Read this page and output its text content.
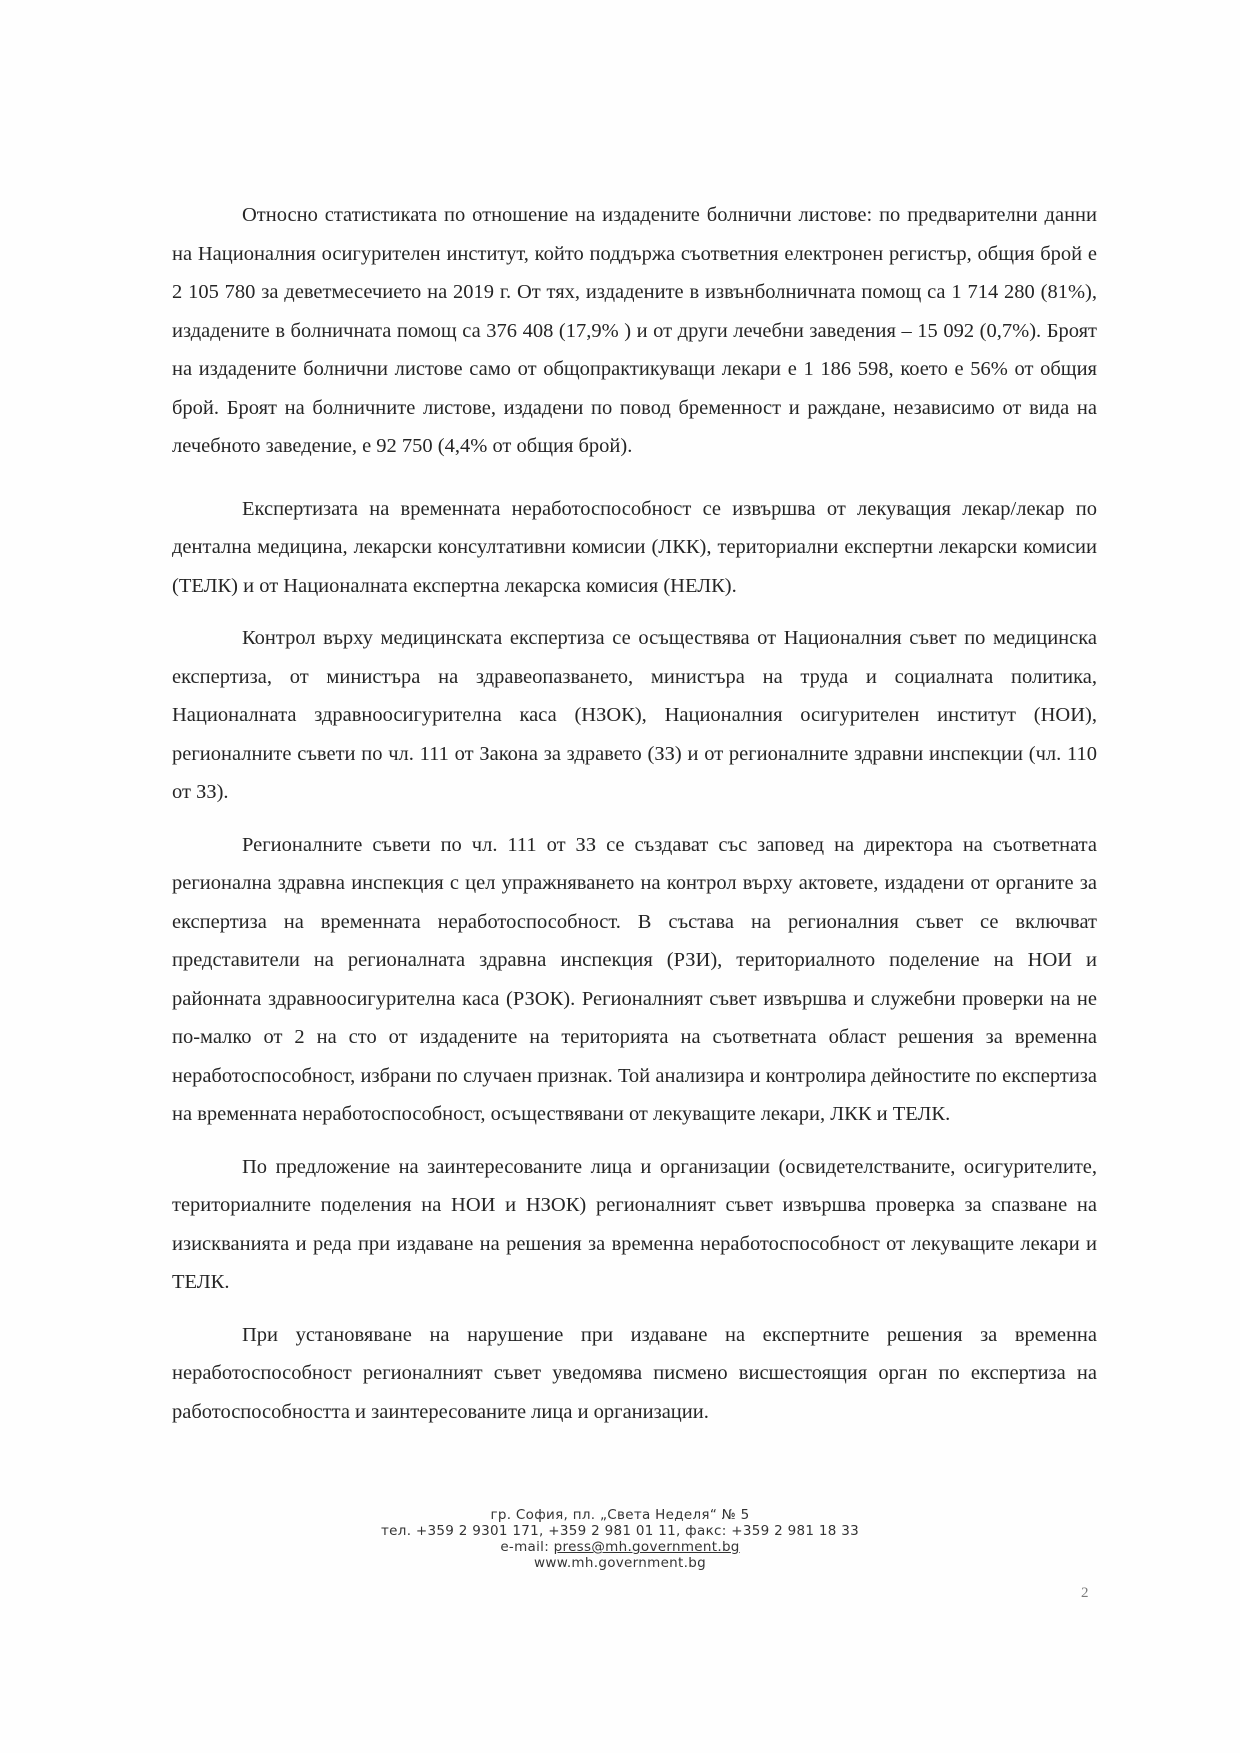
Относно статистиката по отношение на издадените болнични листове: по предварителни данни на Националния осигурителен институт, който поддържа съответния електронен регистър, общия брой е 2 105 780 за деветмесечието на 2019 г. От тях, издадените в извънболничната помощ са 1 714 280 (81%), издадените в болничната помощ са 376 408 (17,9% ) и от други лечебни заведения – 15 092 (0,7%). Броят на издадените болнични листове само от общопрактикуващи лекари е 1 186 598, което е 56% от общия брой. Броят на болничните листове, издадени по повод бременност и раждане, независимо от вида на лечебното заведение, е 92 750 (4,4% от общия брой).

Експертизата на временната неработоспособност се извършва от лекуващия лекар/лекар по дентална медицина, лекарски консултативни комисии (ЛКК), териториални експертни лекарски комисии (ТЕЛК) и от Националната експертна лекарска комисия (НЕЛК).

Контрол върху медицинската експертиза се осъществява от Националния съвет по медицинска експертиза, от министъра на здравеопазването, министъра на труда и социалната политика, Националната здравноосигурителна каса (НЗОК), Националния осигурителен институт (НОИ), регионалните съвети по чл. 111 от Закона за здравето (ЗЗ) и от регионалните здравни инспекции (чл. 110 от ЗЗ).

Регионалните съвети по чл. 111 от ЗЗ се създават със заповед на директора на съответната регионална здравна инспекция с цел упражняването на контрол върху актовете, издадени от органите за експертиза на временната неработоспособност. В състава на регионалния съвет се включват представители на регионалната здравна инспекция (РЗИ), териториалното поделение на НОИ и районната здравноосигурителна каса (РЗОК). Регионалният съвет извършва и служебни проверки на не по-малко от 2 на сто от издадените на територията на съответната област решения за временна неработоспособност, избрани по случаен признак. Той анализира и контролира дейностите по експертиза на временната неработоспособност, осъществявани от лекуващите лекари, ЛКК и ТЕЛК.

По предложение на заинтересованите лица и организации (освидетелстваните, осигурителите, териториалните поделения на НОИ и НЗОК) регионалният съвет извършва проверка за спазване на изискванията и реда при издаване на решения за временна неработоспособност от лекуващите лекари и ТЕЛК.

При установяване на нарушение при издаване на експертните решения за временна неработоспособност регионалният съвет уведомява писмено висшестоящия орган по експертиза на работоспособността и заинтересованите лица и организации.

гр. София, пл. „Света Неделя“ № 5
тел. +359 2 9301 171, +359 2 981 01 11, факс: +359 2 981 18 33
e-mail: press@mh.government.bg
www.mh.government.bg
2
